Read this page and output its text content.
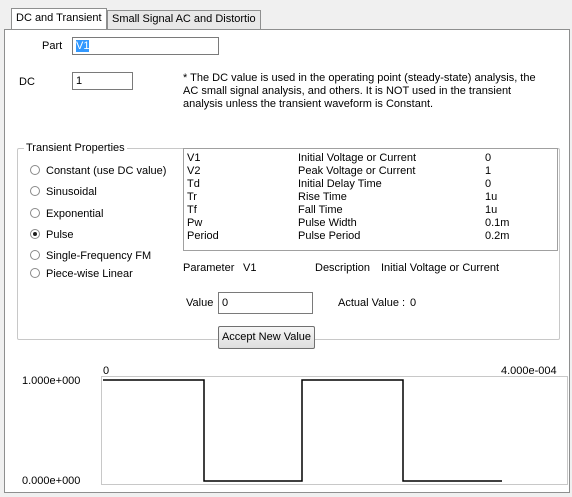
DC and Transient Small Signal AC and Distortio
Part	V1
DC	1	* The DC value is used in the operating point (steady-state) analysis, the AC small signal analysis, and others. It is NOT used in the transient analysis unless the transient waveform is Constant.
Transient Properties
Constant (use DC value)
Sinusoidal
Exponential
Pulse
Single-Frequency FM
Piece-wise Linear
V1	Initial Voltage or Current	0
V2	Peak Voltage or Current	1
Td	Initial Delay Time	0
Tr	Rise Time	1u
Tf	Fall Time	1u
Pw	Pulse Width	0.1m
Period	Pulse Period	0.2m
Parameter V1	Description Initial Voltage or Current
Value 0	Actual Value : 0
Accept New Value
0	4.000e-004
1.000e+000
0.000e+000
